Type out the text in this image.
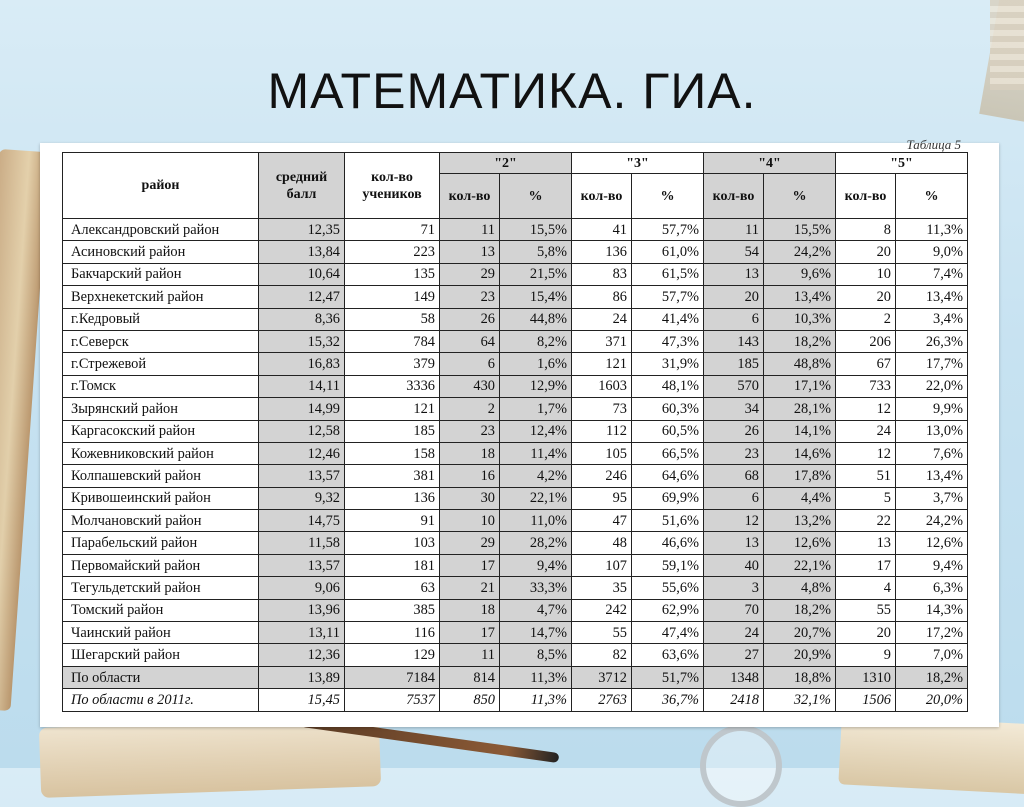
МАТЕМАТИКА. ГИА.
Таблица 5
район	средний балл	кол-во учеников	"2"		"3"		"4"		"5"	
			кол-во	%	кол-во	%	кол-во	%	кол-во	%
Александровский район	12,35	71	11	15,5%	41	57,7%	11	15,5%	8	11,3%
Асиновский район	13,84	223	13	5,8%	136	61,0%	54	24,2%	20	9,0%
Бакчарский район	10,64	135	29	21,5%	83	61,5%	13	9,6%	10	7,4%
Верхнекетский район	12,47	149	23	15,4%	86	57,7%	20	13,4%	20	13,4%
г.Кедровый	8,36	58	26	44,8%	24	41,4%	6	10,3%	2	3,4%
г.Северск	15,32	784	64	8,2%	371	47,3%	143	18,2%	206	26,3%
г.Стрежевой	16,83	379	6	1,6%	121	31,9%	185	48,8%	67	17,7%
г.Томск	14,11	3336	430	12,9%	1603	48,1%	570	17,1%	733	22,0%
Зырянский район	14,99	121	2	1,7%	73	60,3%	34	28,1%	12	9,9%
Каргасокский район	12,58	185	23	12,4%	112	60,5%	26	14,1%	24	13,0%
Кожевниковский район	12,46	158	18	11,4%	105	66,5%	23	14,6%	12	7,6%
Колпашевский район	13,57	381	16	4,2%	246	64,6%	68	17,8%	51	13,4%
Кривошеинский район	9,32	136	30	22,1%	95	69,9%	6	4,4%	5	3,7%
Молчановский район	14,75	91	10	11,0%	47	51,6%	12	13,2%	22	24,2%
Парабельский район	11,58	103	29	28,2%	48	46,6%	13	12,6%	13	12,6%
Первомайский район	13,57	181	17	9,4%	107	59,1%	40	22,1%	17	9,4%
Тегульдетский район	9,06	63	21	33,3%	35	55,6%	3	4,8%	4	6,3%
Томский район	13,96	385	18	4,7%	242	62,9%	70	18,2%	55	14,3%
Чаинский район	13,11	116	17	14,7%	55	47,4%	24	20,7%	20	17,2%
Шегарский район	12,36	129	11	8,5%	82	63,6%	27	20,9%	9	7,0%
По области	13,89	7184	814	11,3%	3712	51,7%	1348	18,8%	1310	18,2%
По области в 2011г.	15,45	7537	850	11,3%	2763	36,7%	2418	32,1%	1506	20,0%
